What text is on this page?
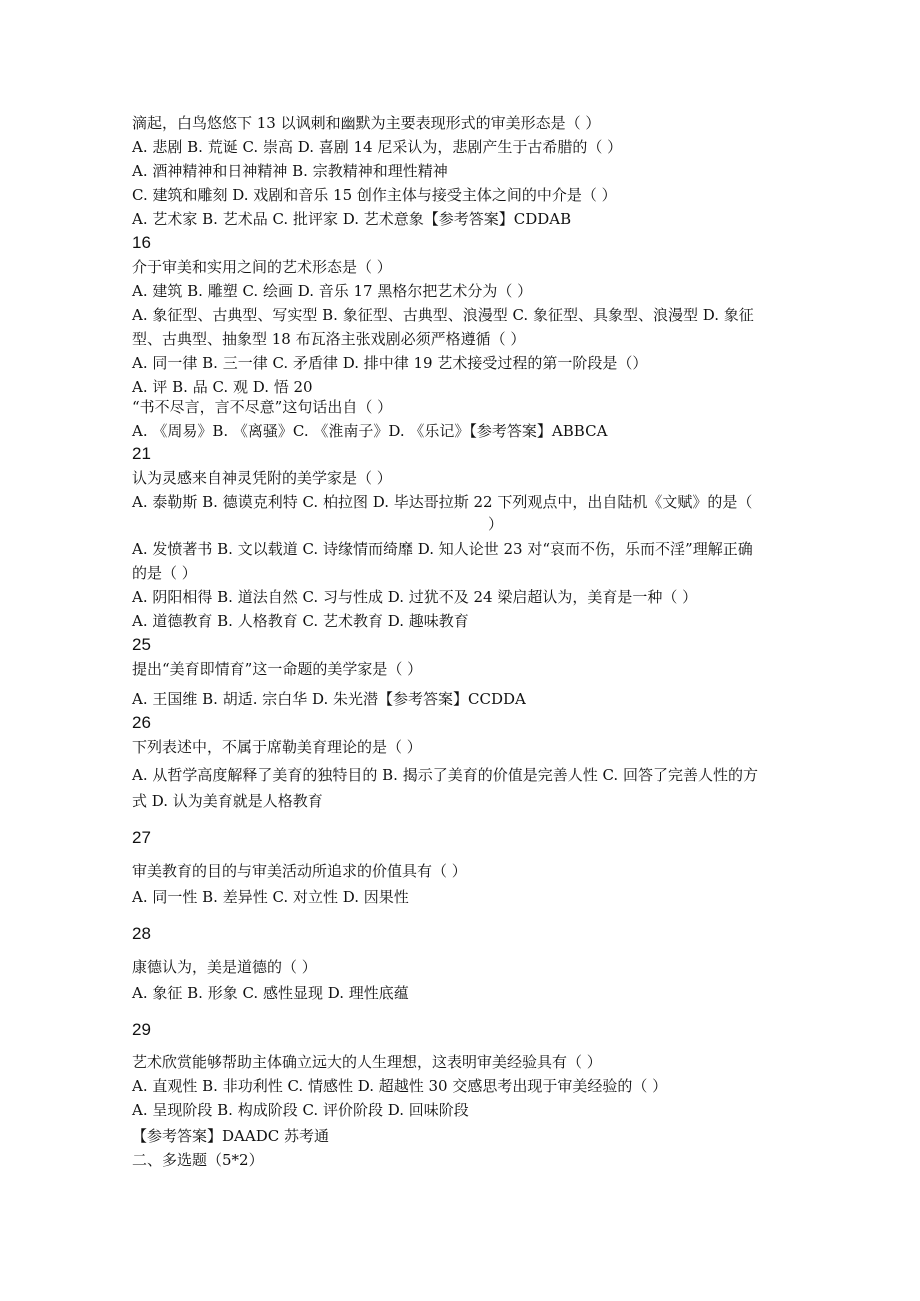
滴起，白鸟悠悠下 13 以讽刺和幽默为主要表现形式的审美形态是（ ）
A. 悲剧 B. 荒诞 C. 崇高 D. 喜剧 14 尼采认为，悲剧产生于古希腊的（ ）
A. 酒神精神和日神精神 B. 宗教精神和理性精神
C. 建筑和雕刻 D. 戏剧和音乐 15 创作主体与接受主体之间的中介是（ ）
A. 艺术家 B. 艺术品 C. 批评家 D. 艺术意象【参考答案】CDDAB
16
介于审美和实用之间的艺术形态是（ ）
A. 建筑 B. 雕塑 C. 绘画 D. 音乐 17 黑格尔把艺术分为（ ）
A. 象征型、古典型、写实型 B. 象征型、古典型、浪漫型 C. 象征型、具象型、浪漫型 D. 象征
型、古典型、抽象型 18 布瓦洛主张戏剧必须严格遵循（ ）
A. 同一律 B. 三一律 C. 矛盾律 D. 排中律 19 艺术接受过程的第一阶段是（）
A. 评 B. 品 C. 观 D. 悟 20
“书不尽言，言不尽意”这句话出自（ ）
A. 《周易》B. 《离骚》C. 《淮南子》D. 《乐记》【参考答案】ABBCA
21
认为灵感来自神灵凭附的美学家是（ ）
A. 泰勒斯 B. 德谟克利特 C. 柏拉图 D. 毕达哥拉斯 22 下列观点中，出自陆机《文赋》的是（
）
A. 发愤著书 B. 文以载道 C. 诗缘情而绮靡 D. 知人论世 23 对“哀而不伤，乐而不淫”理解正确
的是（ ）
A. 阴阳相得 B. 道法自然 C. 习与性成 D. 过犹不及 24 梁启超认为，美育是一种（ ）
A. 道德教育 B. 人格教育 C. 艺术教育 D. 趣味教育
25
提出“美育即情育”这一命题的美学家是（ ）
A. 王国维 B. 胡适. 宗白华 D. 朱光潜【参考答案】CCDDA
26
下列表述中，不属于席勒美育理论的是（ ）
A. 从哲学高度解释了美育的独特目的 B. 揭示了美育的价值是完善人性 C. 回答了完善人性的方
式 D. 认为美育就是人格教育
27
审美教育的目的与审美活动所追求的价值具有（ ）
A. 同一性 B. 差异性 C. 对立性 D. 因果性
28
康德认为，美是道德的（ ）
A. 象征 B. 形象 C. 感性显现 D. 理性底蕴
29
艺术欣赏能够帮助主体确立远大的人生理想，这表明审美经验具有（ ）
A. 直观性 B. 非功利性 C. 情感性 D. 超越性 30 交感思考出现于审美经验的（ ）
A. 呈现阶段 B. 构成阶段 C. 评价阶段 D. 回味阶段
【参考答案】DAADC 苏考通
二、多选题（5*2）
